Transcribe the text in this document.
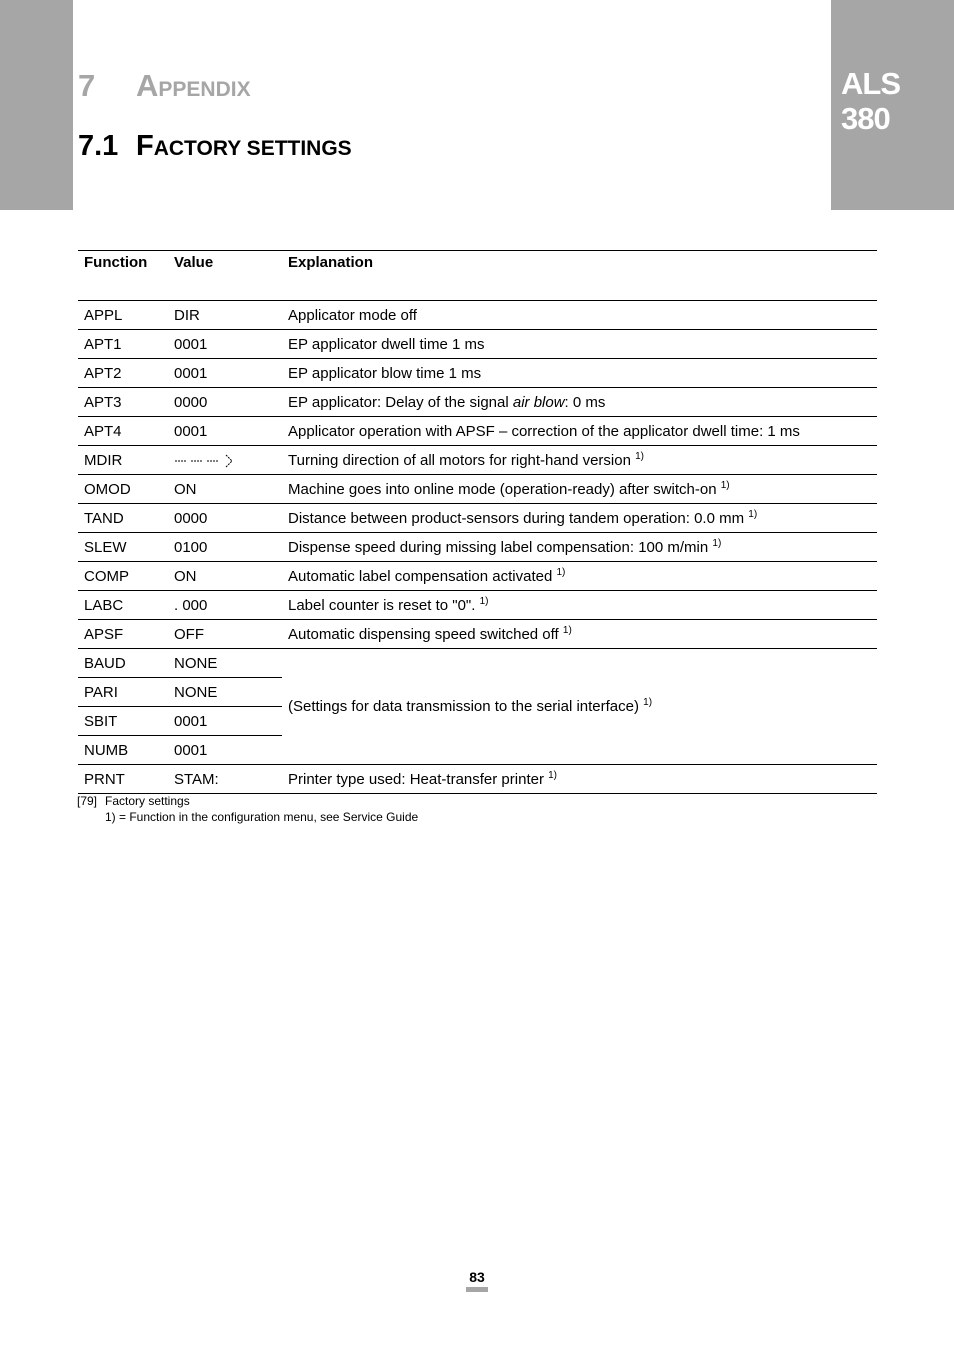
ALS
380
7 APPENDIX
7.1 FACTORY SETTINGS
Function	Value	Explanation
APPL	DIR	Applicator mode off
APT1	0001	EP applicator dwell time 1 ms
APT2	0001	EP applicator blow time 1 ms
APT3	0000	EP applicator: Delay of the signal air blow: 0 ms
APT4	0001	Applicator operation with APSF – correction of the applicator dwell time: 1 ms
MDIR		Turning direction of all motors for right-hand version $^{1)}$
OMOD	ON	Machine goes into online mode (operation-ready) after switch-on $^{1)}$
TAND	0000	Distance between product-sensors during tandem operation: 0.0 mm $^{1)}$
SLEW	0100	Dispense speed during missing label compensation: 100 m/min $^{1)}$
COMP	ON	Automatic label compensation activated $^{1)}$
LABC	. 000	Label counter is reset to "0". $^{1)}$
APSF	OFF	Automatic dispensing speed switched off $^{1)}$
BAUD	NONE	(Settings for data transmission to the serial interface) $^{1)}$
PARI	NONE	
SBIT	0001	
NUMB	0001	
PRNT	STAM:	Printer type used: Heat-transfer printer $^{1)}$
[79] Factory settings
1) = Function in the configuration menu, see Service Guide
83
